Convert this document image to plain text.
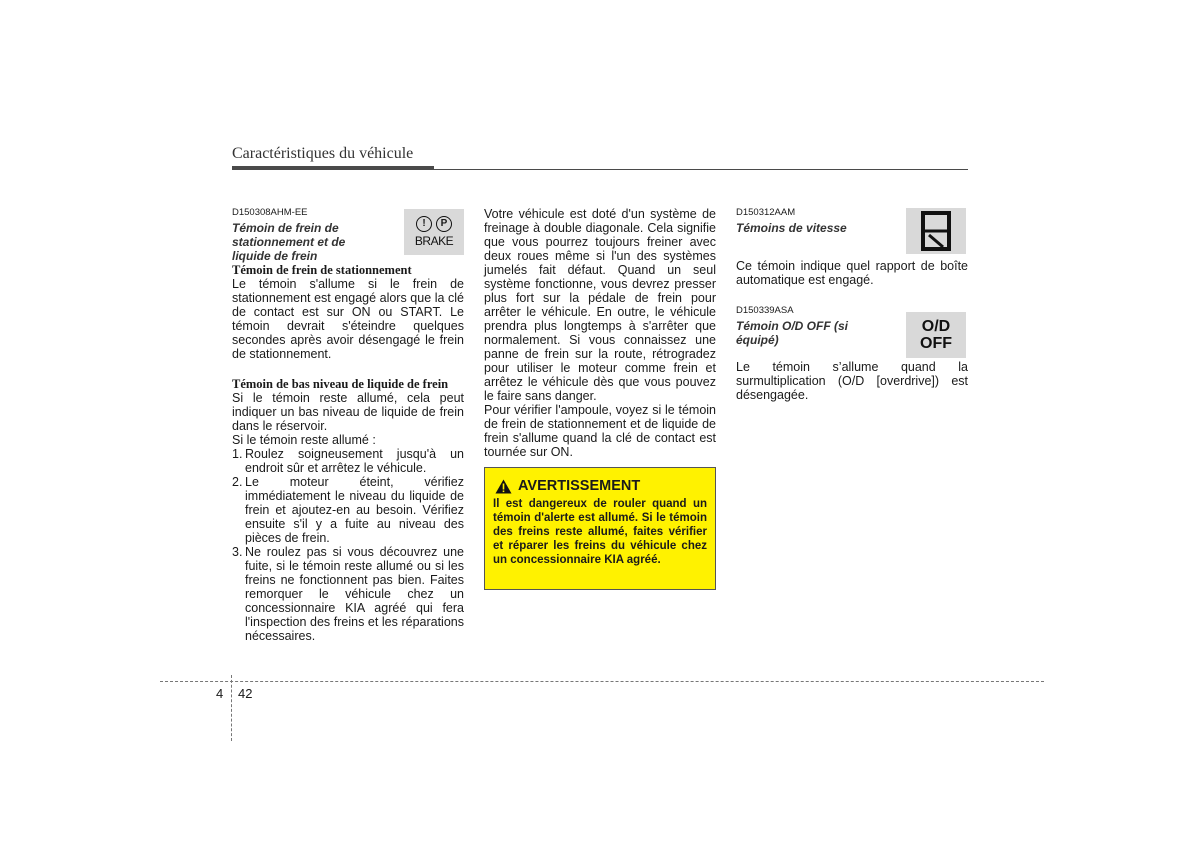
Caractéristiques du véhicule
D150308AHM-EE
Témoin de frein de stationnement et de liquide de frein
Témoin de frein de stationnement

Le témoin s'allume si le frein de stationnement est engagé alors que la clé de contact est sur ON ou START. Le témoin devrait s'éteindre quelques secondes après avoir désengagé le frein de stationnement.

Témoin de bas niveau de liquide de frein

Si le témoin reste allumé, cela peut indiquer un bas niveau de liquide de frein dans le réservoir.

Si le témoin reste allumé :

1. Roulez soigneusement jusqu'à un endroit sûr et arrêtez le véhicule.
2. Le moteur éteint, vérifiez immédiatement le niveau du liquide de frein et ajoutez-en au besoin. Vérifiez ensuite s'il y a fuite au niveau des pièces de frein.
3. Ne roulez pas si vous découvrez une fuite, si le témoin reste allumé ou si les freins ne fonctionnent pas bien. Faites remorquer le véhicule chez un concessionnaire KIA agréé qui fera l'inspection des freins et les réparations nécessaires.
!	P
BRAKE

Votre véhicule est doté d'un système de freinage à double diagonale. Cela signifie que vous pourrez toujours freiner avec deux roues même si l'un des systèmes jumelés fait défaut. Quand un seul système fonctionne, vous devrez presser plus fort sur la pédale de frein pour arrêter le véhicule. En outre, le véhicule prendra plus longtemps à s'arrêter que normalement. Si vous connaissez une panne de frein sur la route, rétrogradez pour utiliser le moteur comme frein et arrêtez le véhicule dès que vous pouvez le faire sans danger.

Pour vérifier l'ampoule, voyez si le témoin de frein de stationnement et de liquide de frein s'allume quand la clé de contact est tournée sur ON.

AVERTISSEMENT
Il est dangereux de rouler quand un témoin d'alerte est allumé. Si le témoin des freins reste allumé, faites vérifier et réparer les freins du véhicule chez un concessionnaire KIA agréé.
D150312AAM
Témoins de vitesse

Ce témoin indique quel rapport de boîte automatique est engagé.

D150339ASA
Témoin O/D OFF (si équipé)

Le témoin s’allume quand la surmultiplication (O/D [overdrive]) est désengagée.

O/D
OFF
4 42
